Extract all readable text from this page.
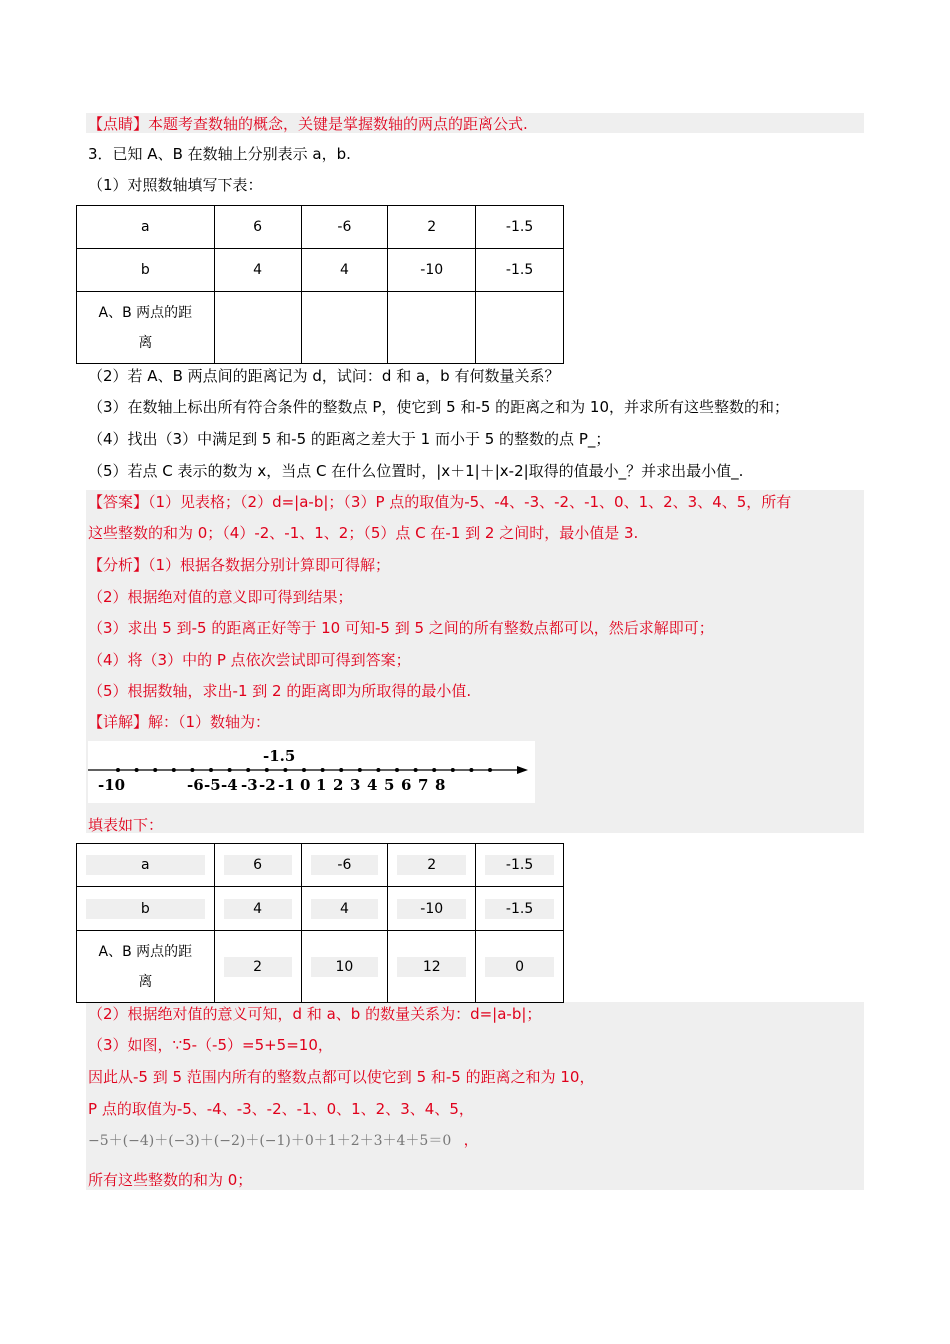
【点睛】本题考查数轴的概念，关键是掌握数轴的两点的距离公式.
3．已知 A、B 在数轴上分别表示 a，b.
（1）对照数轴填写下表：
a	6	-6	2	-1.5
b	4	4	-10	-1.5

A、B 两点的距
离				

（2）若 A、B 两点间的距离记为 d，试问：d 和 a，b 有何数量关系？
（3）在数轴上标出所有符合条件的整数点 P，使它到 5 和-5 的距离之和为 10，并求所有这些整数的和；
（4）找出（3）中满足到 5 和-5 的距离之差大于 1 而小于 5 的整数的点 P_；
（5）若点 C 表示的数为 x，当点 C 在什么位置时，|x＋1|＋|x-2|取得的值最小_？并求出最小值_.
【答案】（1）见表格；（2）d=|a-b|；（3）P 点的取值为-5、-4、-3、-2、-1、0、1、2、3、4、5，所有
这些整数的和为 0；（4）-2、-1、1、2；（5）点 C 在-1 到 2 之间时，最小值是 3.
【分析】（1）根据各数据分别计算即可得解；
（2）根据绝对值的意义即可得到结果；
（3）求出 5 到-5 的距离正好等于 10 可知-5 到 5 之间的所有整数点都可以，然后求解即可；
（4）将（3）中的 P 点依次尝试即可得到答案；
（5）根据数轴，求出-1 到 2 的距离即为所取得的最小值.
【详解】解：（1）数轴为：
-1.5
-10	-6 -5 -4 -3 -2 -1 0 1 2 3 4 5 6 7 8
填表如下：
a	6	-6	2	-1.5
b	4	4	-10	-1.5

A、B 两点的距
离	2	10	12	0
（2）根据绝对值的意义可知，d 和 a、b 的数量关系为：d=|a-b|；
（3）如图，∵5-（-5）=5+5=10，
因此从-5 到 5 范围内所有的整数点都可以使它到 5 和-5 的距离之和为 10，
P 点的取值为-5、-4、-3、-2、-1、0、1、2、3、4、5，
−5＋(−4)＋(−3)＋(−2)＋(−1)＋0＋1＋2＋3＋4＋5＝0 ，
所有这些整数的和为 0；
